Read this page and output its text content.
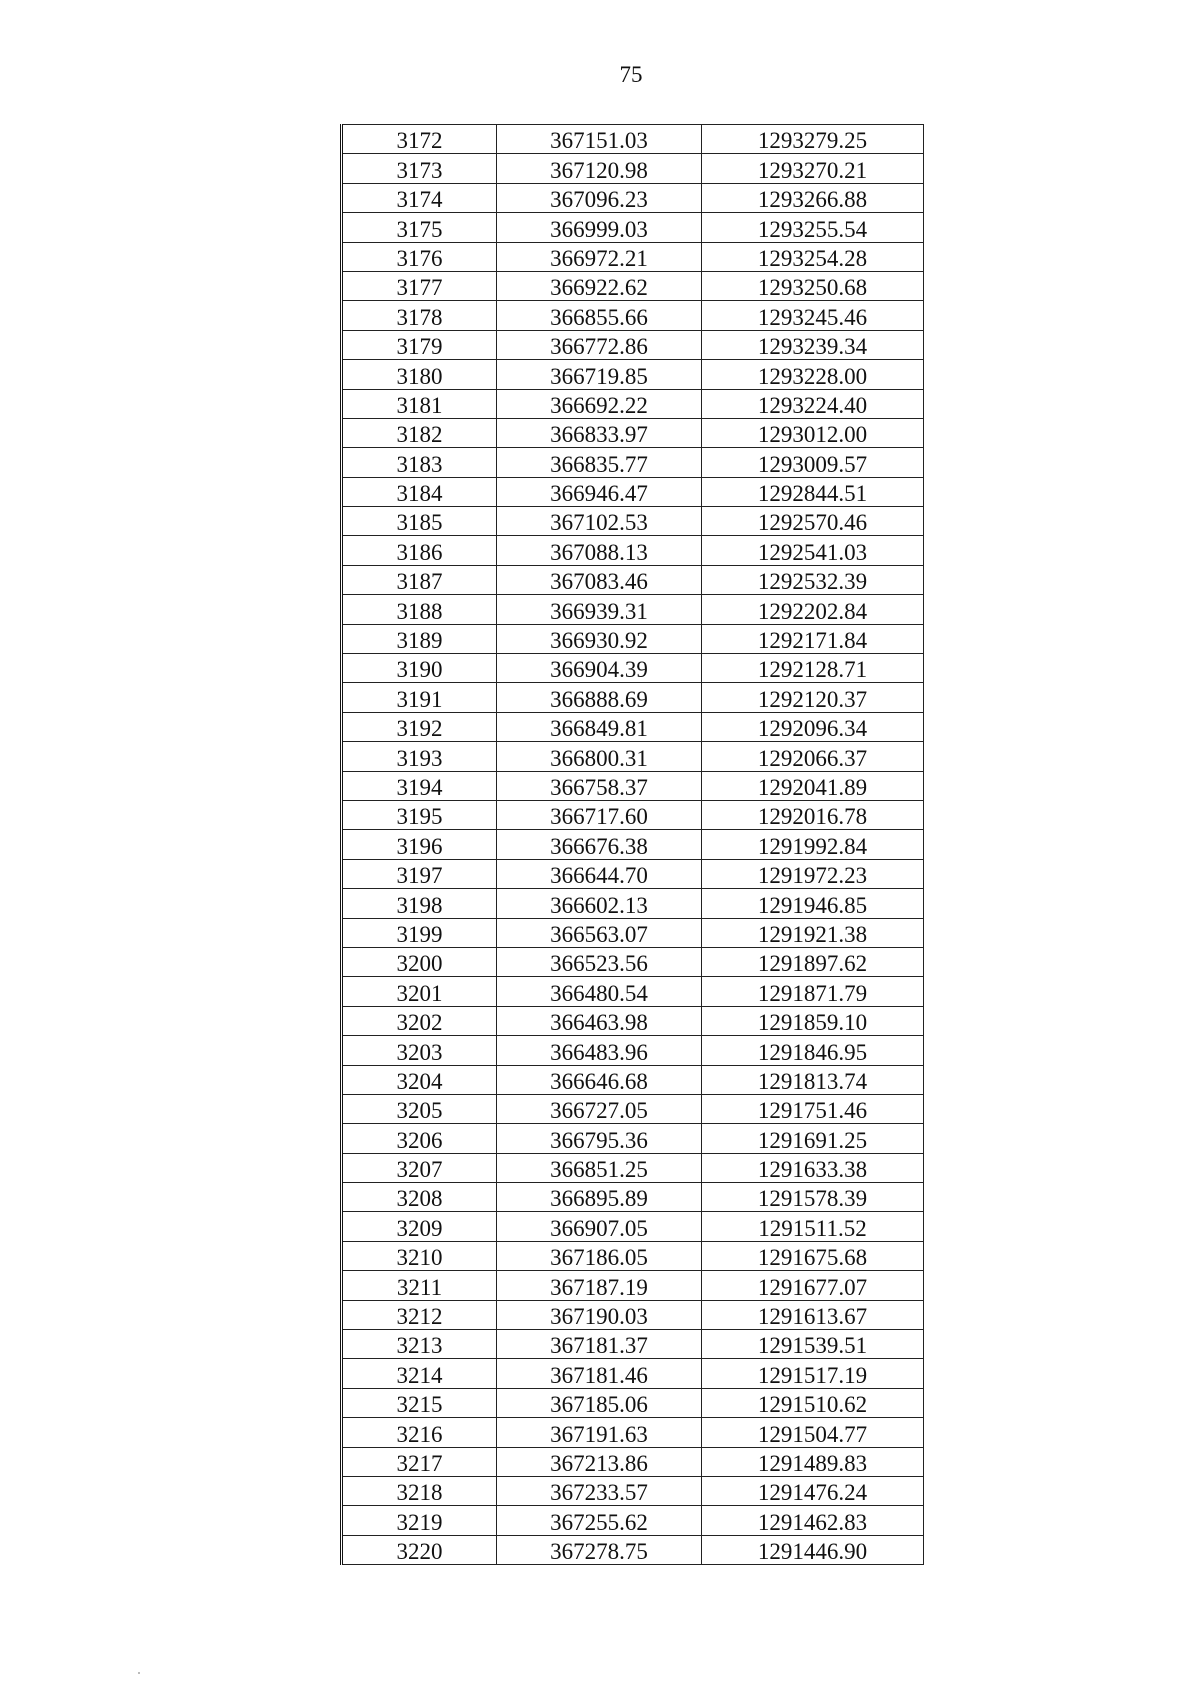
75
3172	367151.03	1293279.25
3173	367120.98	1293270.21
3174	367096.23	1293266.88
3175	366999.03	1293255.54
3176	366972.21	1293254.28
3177	366922.62	1293250.68
3178	366855.66	1293245.46
3179	366772.86	1293239.34
3180	366719.85	1293228.00
3181	366692.22	1293224.40
3182	366833.97	1293012.00
3183	366835.77	1293009.57
3184	366946.47	1292844.51
3185	367102.53	1292570.46
3186	367088.13	1292541.03
3187	367083.46	1292532.39
3188	366939.31	1292202.84
3189	366930.92	1292171.84
3190	366904.39	1292128.71
3191	366888.69	1292120.37
3192	366849.81	1292096.34
3193	366800.31	1292066.37
3194	366758.37	1292041.89
3195	366717.60	1292016.78
3196	366676.38	1291992.84
3197	366644.70	1291972.23
3198	366602.13	1291946.85
3199	366563.07	1291921.38
3200	366523.56	1291897.62
3201	366480.54	1291871.79
3202	366463.98	1291859.10
3203	366483.96	1291846.95
3204	366646.68	1291813.74
3205	366727.05	1291751.46
3206	366795.36	1291691.25
3207	366851.25	1291633.38
3208	366895.89	1291578.39
3209	366907.05	1291511.52
3210	367186.05	1291675.68
3211	367187.19	1291677.07
3212	367190.03	1291613.67
3213	367181.37	1291539.51
3214	367181.46	1291517.19
3215	367185.06	1291510.62
3216	367191.63	1291504.77
3217	367213.86	1291489.83
3218	367233.57	1291476.24
3219	367255.62	1291462.83
3220	367278.75	1291446.90
